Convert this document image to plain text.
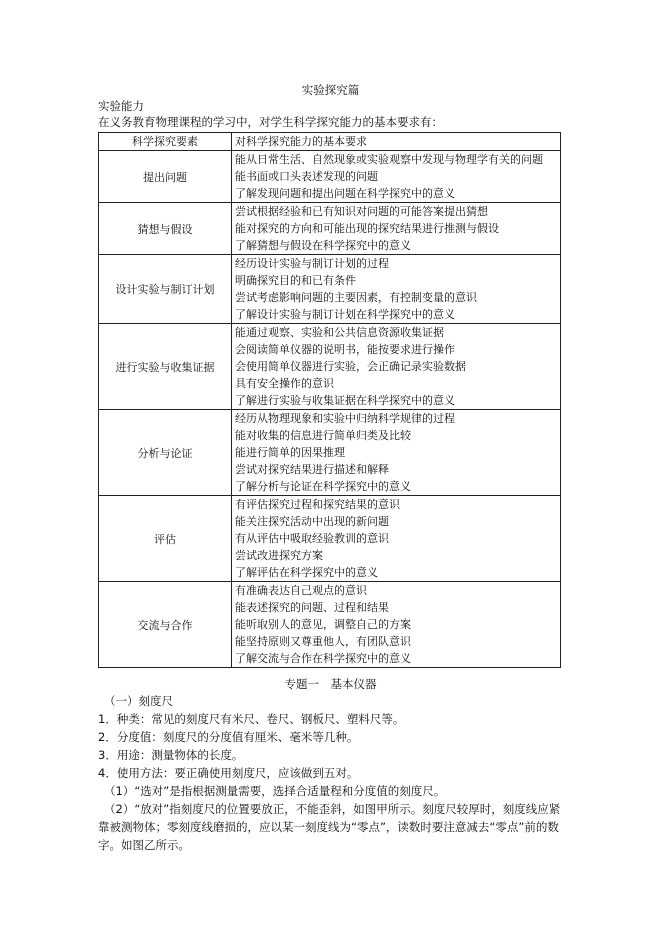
实验探究篇
实验能力
在义务教育物理课程的学习中，对学生科学探究能力的基本要求有：
科学探究要素	对科学探究能力的基本要求
提出问题	能从日常生活、自然现象或实验观察中发现与物理学有关的问题
能书面或口头表述发现的问题
了解发现问题和提出问题在科学探究中的意义

猜想与假设	尝试根据经验和已有知识对问题的可能答案提出猜想
能对探究的方向和可能出现的探究结果进行推测与假设
了解猜想与假设在科学探究中的意义

设计实验与制订计划	经历设计实验与制订计划的过程
明确探究目的和已有条件
尝试考虑影响问题的主要因素，有控制变量的意识
了解设计实验与制订计划在科学探究中的意义

进行实验与收集证据	能通过观察、实验和公共信息资源收集证据
会阅读简单仪器的说明书，能按要求进行操作
会使用简单仪器进行实验，会正确记录实验数据
具有安全操作的意识
了解进行实验与收集证据在科学探究中的意义

分析与论证	经历从物理现象和实验中归纳科学规律的过程
能对收集的信息进行简单归类及比较
能进行简单的因果推理
尝试对探究结果进行描述和解释
了解分析与论证在科学探究中的意义

评估	有评估探究过程和探究结果的意识
能关注探究活动中出现的新问题
有从评估中吸取经验教训的意识
尝试改进探究方案
了解评估在科学探究中的意义

交流与合作	有准确表达自己观点的意识
能表述探究的问题、过程和结果
能听取别人的意见，调整自己的方案
能坚持原则又尊重他人，有团队意识
了解交流与合作在科学探究中的意义
专题一　基本仪器
（一）刻度尺
1．种类：常见的刻度尺有米尺、卷尺、钢板尺、塑料尺等。
2．分度值：刻度尺的分度值有厘米、毫米等几种。
3．用途：测量物体的长度。
4．使用方法：要正确使用刻度尺，应该做到五对。
（1）“选对”是指根据测量需要，选择合适量程和分度值的刻度尺。
（2）“放对”指刻度尺的位置要放正，不能歪斜，如图甲所示。刻度尺较厚时，刻度线应紧
靠被测物体；零刻度线磨损的，应以某一刻度线为“零点”，读数时要注意减去“零点”前的数
字。如图乙所示。
